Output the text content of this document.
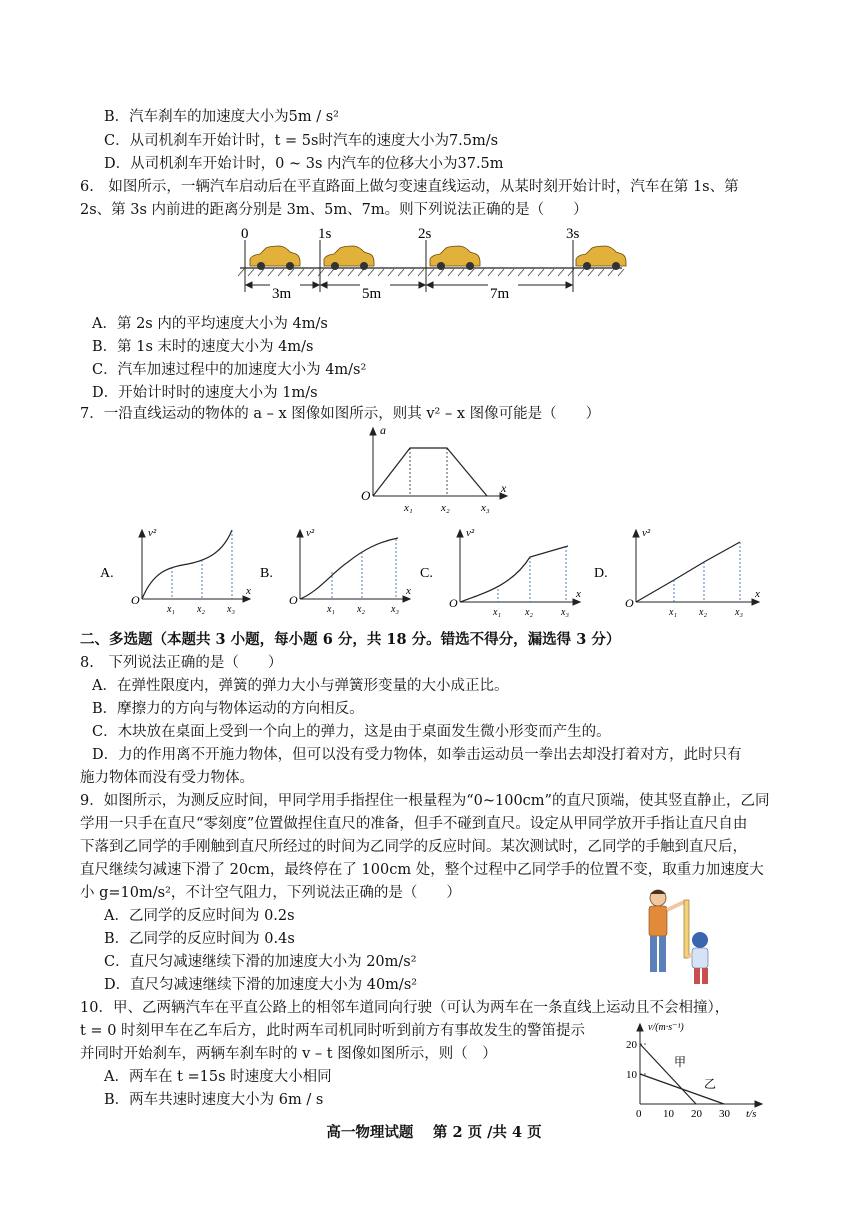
B．汽车刹车的加速度大小为5m / s²
C．从司机刹车开始计时，t = 5s时汽车的速度大小为7.5m/s
D．从司机刹车开始计时，0 ~ 3s 内汽车的位移大小为37.5m
6.　如图所示，一辆汽车启动后在平直路面上做匀变速直线运动，从某时刻开始计时，汽车在第 1s、第
2s、第 3s 内前进的距离分别是 3m、5m、7m。则下列说法正确的是（　　）
0	1s	2s	3s
3m	5m	7m
A．第 2s 内的平均速度大小为 4m/s
B．第 1s 末时的速度大小为 4m/s
C．汽车加速过程中的加速度大小为 4m/s²
D．开始计时时的速度大小为 1m/s
7．一沿直线运动的物体的 a – x 图像如图所示，则其 v² – x 图像可能是（　　）
a
x
O
x₁	x₂	x₃
A.
v²
x
O
x₁ x₂ x₃
B.
v²
x
O
x₁ x₂	x₃
C.
v²
x
O
x₁ x₂	x₃
D.
v²
x
O
x₁ x₂	x₃
二、多选题（本题共 3 小题，每小题 6 分，共 18 分。错选不得分，漏选得 3 分）
8.　下列说法正确的是（　　）
A．在弹性限度内，弹簧的弹力大小与弹簧形变量的大小成正比。
B．摩擦力的方向与物体运动的方向相反。
C．木块放在桌面上受到一个向上的弹力，这是由于桌面发生微小形变而产生的。
D．力的作用离不开施力物体，但可以没有受力物体，如拳击运动员一拳出去却没打着对方，此时只有
施力物体而没有受力物体。
9．如图所示，为测反应时间，甲同学用手指捏住一根量程为“0~100cm”的直尺顶端，使其竖直静止，乙同
学用一只手在直尺“零刻度”位置做捏住直尺的准备，但手不碰到直尺。设定从甲同学放开手指让直尺自由
下落到乙同学的手刚触到直尺所经过的时间为乙同学的反应时间。某次测试时，乙同学的手触到直尺后，
直尺继续匀减速下滑了 20cm，最终停在了 100cm 处，整个过程中乙同学手的位置不变，取重力加速度大
小 g=10m/s²，不计空气阻力，下列说法正确的是（　　）
A．乙同学的反应时间为 0.2s
B．乙同学的反应时间为 0.4s
C．直尺匀减速继续下滑的加速度大小为 20m/s²
D．直尺匀减速继续下滑的加速度大小为 40m/s²
10．甲、乙两辆汽车在平直公路上的相邻车道同向行驶（可认为两车在一条直线上运动且不会相撞），
t = 0 时刻甲车在乙车后方，此时两车司机同时听到前方有事故发生的警笛提示
并同时开始刹车，两辆车刹车时的 v – t 图像如图所示，则（　）
A．两车在 t =15s 时速度大小相同
B．两车共速时速度大小为 6m / s
v/(m·s⁻¹)
20
10
0 10 20 30 t/s
甲
乙
高一物理试题　 第 2 页 /共 4 页
